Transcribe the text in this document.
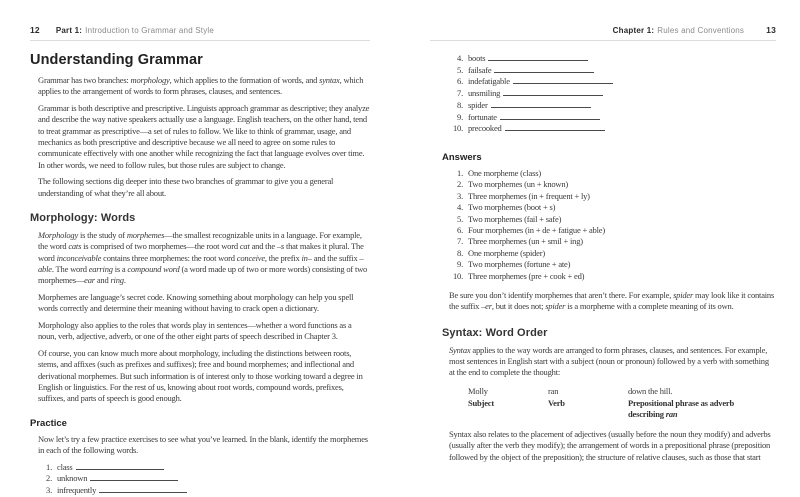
12 Part 1: Introduction to Grammar and Style
Understanding Grammar

Grammar has two branches: morphology, which applies to the formation of words, and syntax, which applies to the arrangement of words to form phrases, clauses, and sentences.

Grammar is both descriptive and prescriptive. Linguists approach grammar as descriptive; they analyze and describe the way native speakers actually use a language. English teachers, on the other hand, tend to treat grammar as prescriptive—a set of rules to follow. We like to think of grammar, usage, and mechanics as both prescriptive and descriptive because we all need to agree on some rules to communicate effectively with one another while recognizing the fact that language evolves over time. In other words, we need to follow rules, but those rules are subject to change.

The following sections dig deeper into these two branches of grammar to give you a general understanding of what they’re all about.

Morphology: Words

Morphology is the study of morphemes—the smallest recognizable units in a language. For example, the word cats is comprised of two morphemes—the root word cat and the –s that makes it plural. The word inconceivable contains three morphemes: the root word conceive, the prefix in– and the suffix –able. The word earring is a compound word (a word made up of two or more words) consisting of two morphemes—ear and ring.

Morphemes are language’s secret code. Knowing something about morphology can help you spell words correctly and determine their meaning without having to crack open a dictionary.

Morphology also applies to the roles that words play in sentences—whether a word functions as a noun, verb, adjective, adverb, or one of the other eight parts of speech described in Chapter 3.

Of course, you can know much more about morphology, including the distinctions between roots, stems, and affixes (such as prefixes and suffixes); free and bound morphemes; and inflectional and derivational morphemes. But such information is of interest only to those working toward a degree in English or linguistics. For the rest of us, knowing about root words, compound words, prefixes, suffixes, and parts of speech is good enough.

Practice

Now let’s try a few practice exercises to see what you’ve learned. In the blank, identify the morphemes in each of the following words.

1. class
2. unknown
3. infrequently
Chapter 1: Rules and Conventions	13
4. boots
5. failsafe
6. indefatigable
7. unsmiling
8. spider
9. fortunate
10. precooked
Answers
1. One morpheme (class)
2. Two morphemes (un + known)
3. Three morphemes (in + frequent + ly)
4. Two morphemes (boot + s)
5. Two morphemes (fail + safe)
6. Four morphemes (in + de + fatigue + able)
7. Three morphemes (un + smil + ing)
8. One morpheme (spider)
9. Two morphemes (fortune + ate)
10. Three morphemes (pre + cook + ed)

Be sure you don’t identify morphemes that aren’t there. For example, spider may look like it contains the suffix –er, but it does not; spider is a morpheme with a complete meaning of its own.

Syntax: Word Order

Syntax applies to the way words are arranged to form phrases, clauses, and sentences. For example, most sentences in English start with a subject (noun or pronoun) followed by a verb with something at the end to complete the thought:

Molly	ran	down the hill.
Subject	Verb	Prepositional phrase as adverb
describing ran

Syntax also relates to the placement of adjectives (usually before the noun they modify) and adverbs (usually after the verb they modify); the arrangement of words in a prepositional phrase (preposition followed by the object of the preposition); the structure of relative clauses, such as those that start
